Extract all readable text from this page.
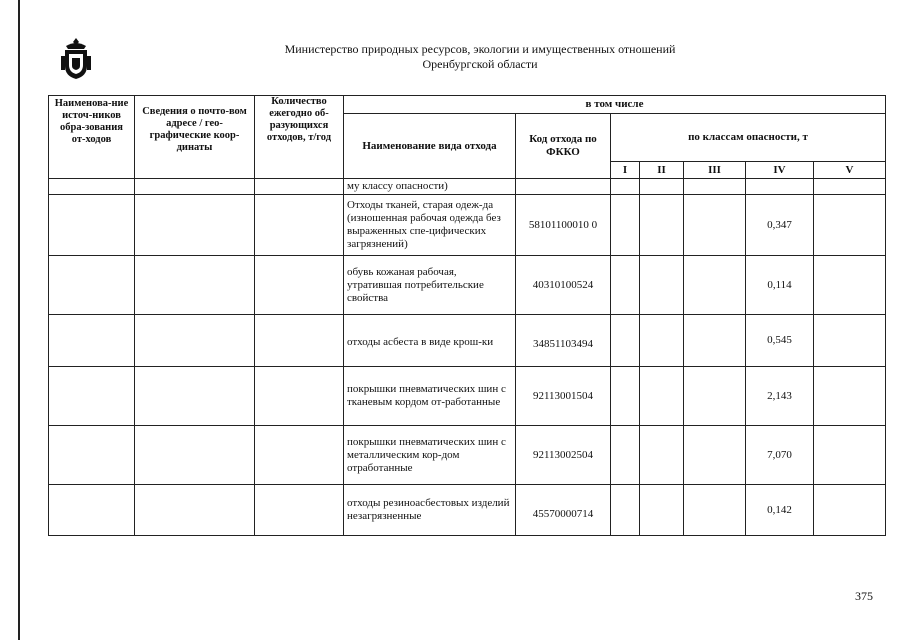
Министерство природных ресурсов, экологии и имущественных отношений
Оренбургской области
Наименова-ние источ-ников обра-зования от-ходов	Сведения о почто-вом адресе / гео-графические коор-динаты	Количество ежегодно об-разующихся отходов, т/год	в том числе						
			Наименование вида отхода	Код отхода по ФККО	по классам опасности, т				
					I	II	III	IV	V
			му классу опасности)						
			Отходы тканей, старая одеж-да (изношенная рабочая одежда без выраженных спе-цифических загрязнений)	58101100010 0				0,347	
			обувь кожаная рабочая, утратившая потребительские свойства	40310100524				0,114	
			отходы асбеста в виде крош-ки	34851103494				0,545	
			покрышки пневматических шин с тканевым кордом от-работанные	92113001504				2,143	
			покрышки пневматических шин с металлическим кор-дом отработанные	92113002504				7,070	
			отходы резиноасбестовых изделий незагрязненные	45570000714				0,142	
375
